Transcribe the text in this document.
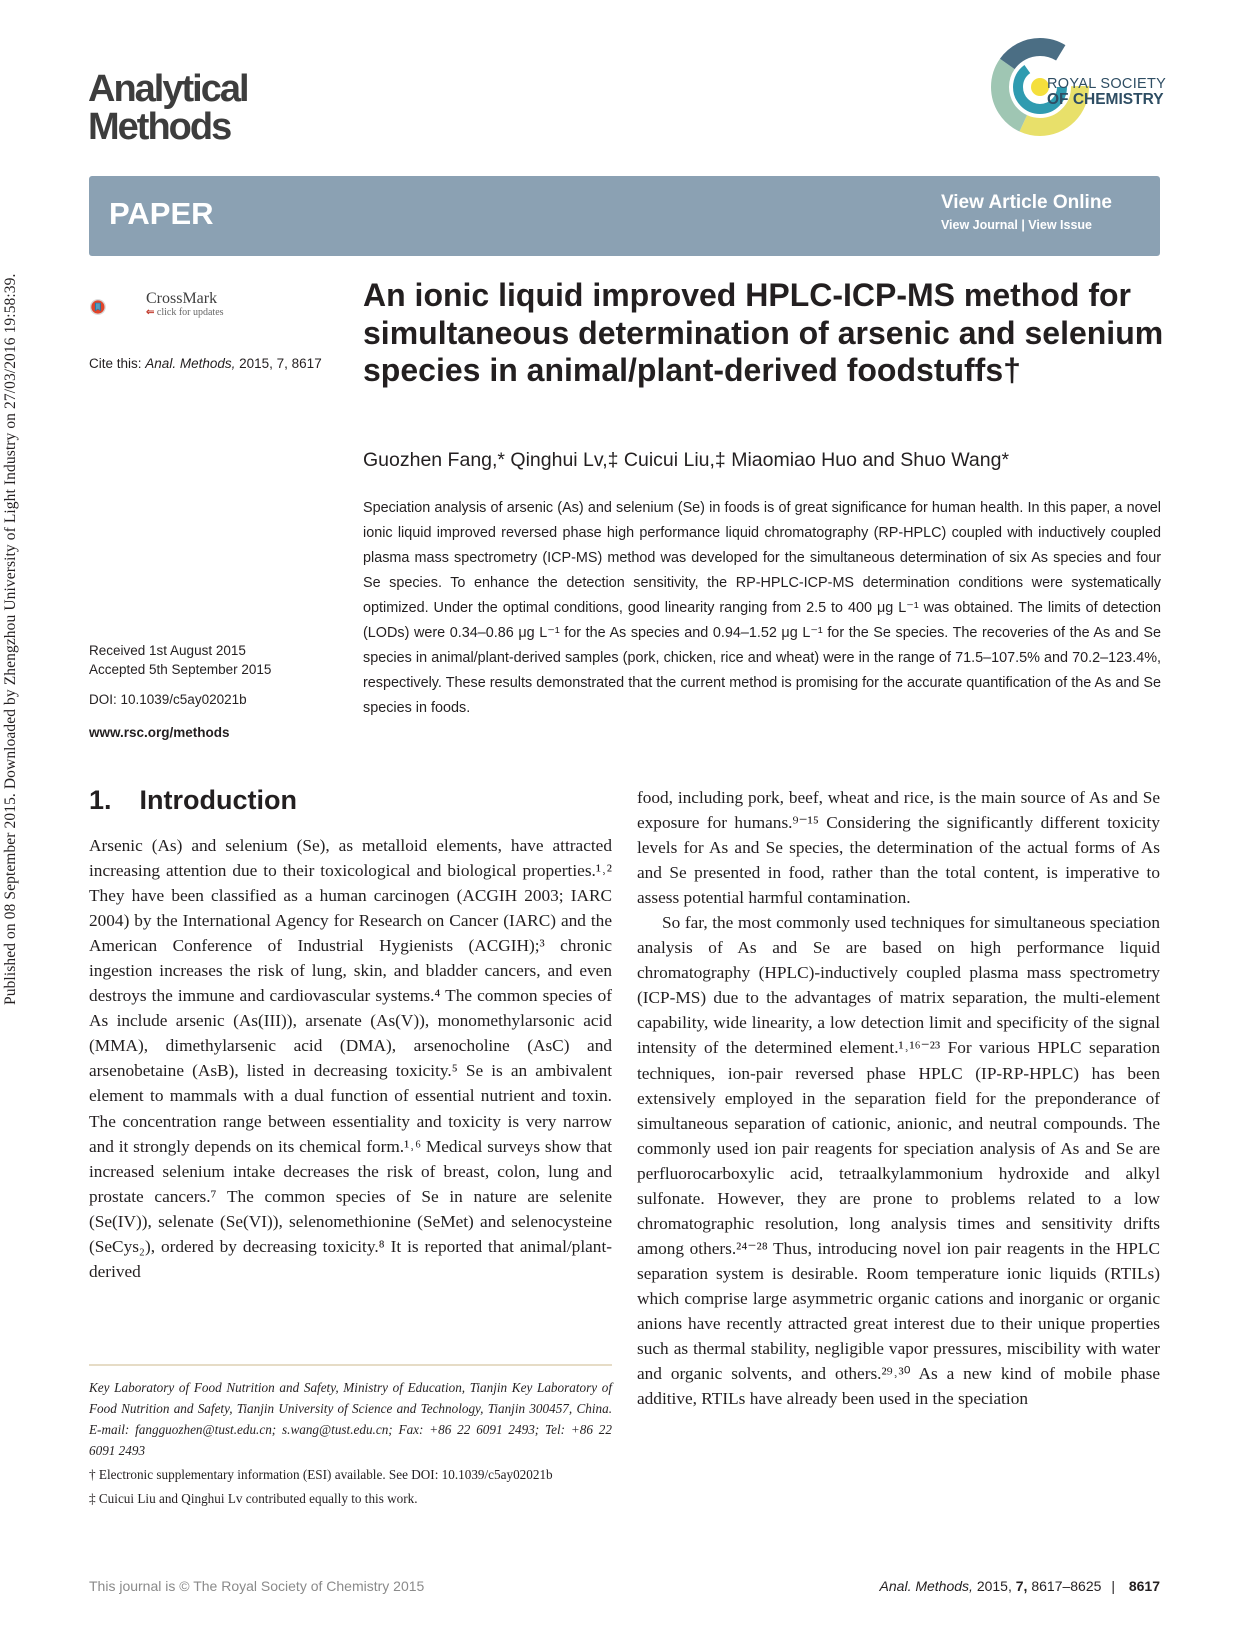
Published on 08 September 2015. Downloaded by Zhengzhou University of Light Industry on 27/03/2016 19:58:39.
Analytical
Methods
ROYAL SOCIETY
OF CHEMISTRY
PAPER	View Article Online
View Journal | View Issue
CrossMark
⇐ click for updates
Cite this: Anal. Methods, 2015, 7, 8617
Received 1st August 2015
Accepted 5th September 2015
DOI: 10.1039/c5ay02021b
www.rsc.org/methods
An ionic liquid improved HPLC-ICP-MS method for simultaneous determination of arsenic and selenium species in animal/plant-derived foodstuffs†
Guozhen Fang,* Qinghui Lv,‡ Cuicui Liu,‡ Miaomiao Huo and Shuo Wang*
Speciation analysis of arsenic (As) and selenium (Se) in foods is of great significance for human health. In this paper, a novel ionic liquid improved reversed phase high performance liquid chromatography (RP-HPLC) coupled with inductively coupled plasma mass spectrometry (ICP-MS) method was developed for the simultaneous determination of six As species and four Se species. To enhance the detection sensitivity, the RP-HPLC-ICP-MS determination conditions were systematically optimized. Under the optimal conditions, good linearity ranging from 2.5 to 400 μg L⁻¹ was obtained. The limits of detection (LODs) were 0.34–0.86 μg L⁻¹ for the As species and 0.94–1.52 μg L⁻¹ for the Se species. The recoveries of the As and Se species in animal/plant-derived samples (pork, chicken, rice and wheat) were in the range of 71.5–107.5% and 70.2–123.4%, respectively. These results demonstrated that the current method is promising for the accurate quantification of the As and Se species in foods.
1. Introduction

Arsenic (As) and selenium (Se), as metalloid elements, have attracted increasing attention due to their toxicological and biological properties.¹˒² They have been classified as a human carcinogen (ACGIH 2003; IARC 2004) by the International Agency for Research on Cancer (IARC) and the American Conference of Industrial Hygienists (ACGIH);³ chronic ingestion increases the risk of lung, skin, and bladder cancers, and even destroys the immune and cardiovascular systems.⁴ The common species of As include arsenic (As(III)), arsenate (As(V)), monomethylarsonic acid (MMA), dimethylarsenic acid (DMA), arsenocholine (AsC) and arsenobetaine (AsB), listed in decreasing toxicity.⁵ Se is an ambivalent element to mammals with a dual function of essential nutrient and toxin. The concentration range between essentiality and toxicity is very narrow and it strongly depends on its chemical form.¹˒⁶ Medical surveys show that increased selenium intake decreases the risk of breast, colon, lung and prostate cancers.⁷ The common species of Se in nature are selenite (Se(IV)), selenate (Se(VI)), selenomethionine (SeMet) and selenocysteine (SeCys₂), ordered by decreasing toxicity.⁸ It is reported that animal/plant-derived

food, including pork, beef, wheat and rice, is the main source of As and Se exposure for humans.⁹⁻¹⁵ Considering the significantly different toxicity levels for As and Se species, the determination of the actual forms of As and Se presented in food, rather than the total content, is imperative to assess potential harmful contamination.

So far, the most commonly used techniques for simultaneous speciation analysis of As and Se are based on high performance liquid chromatography (HPLC)-inductively coupled plasma mass spectrometry (ICP-MS) due to the advantages of matrix separation, the multi-element capability, wide linearity, a low detection limit and specificity of the signal intensity of the determined element.¹˒¹⁶⁻²³ For various HPLC separation techniques, ion-pair reversed phase HPLC (IP-RP-HPLC) has been extensively employed in the separation field for the preponderance of simultaneous separation of cationic, anionic, and neutral compounds. The commonly used ion pair reagents for speciation analysis of As and Se are perfluorocarboxylic acid, tetraalkylammonium hydroxide and alkyl sulfonate. However, they are prone to problems related to a low chromatographic resolution, long analysis times and sensitivity drifts among others.²⁴⁻²⁸ Thus, introducing novel ion pair reagents in the HPLC separation system is desirable. Room temperature ionic liquids (RTILs) which comprise large asymmetric organic cations and inorganic or organic anions have recently attracted great interest due to their unique properties such as thermal stability, negligible vapor pressures, miscibility with water and organic solvents, and others.²⁹˒³⁰ As a new kind of mobile phase additive, RTILs have already been used in the speciation

Key Laboratory of Food Nutrition and Safety, Ministry of Education, Tianjin Key Laboratory of Food Nutrition and Safety, Tianjin University of Science and Technology, Tianjin 300457, China. E-mail: fangguozhen@tust.edu.cn; s.wang@tust.edu.cn; Fax: +86 22 6091 2493; Tel: +86 22 6091 2493

† Electronic supplementary information (ESI) available. See DOI: 10.1039/c5ay02021b

‡ Cuicui Liu and Qinghui Lv contributed equally to this work.

This journal is © The Royal Society of Chemistry 2015	Anal. Methods, 2015, 7, 8617–8625 | 8617
